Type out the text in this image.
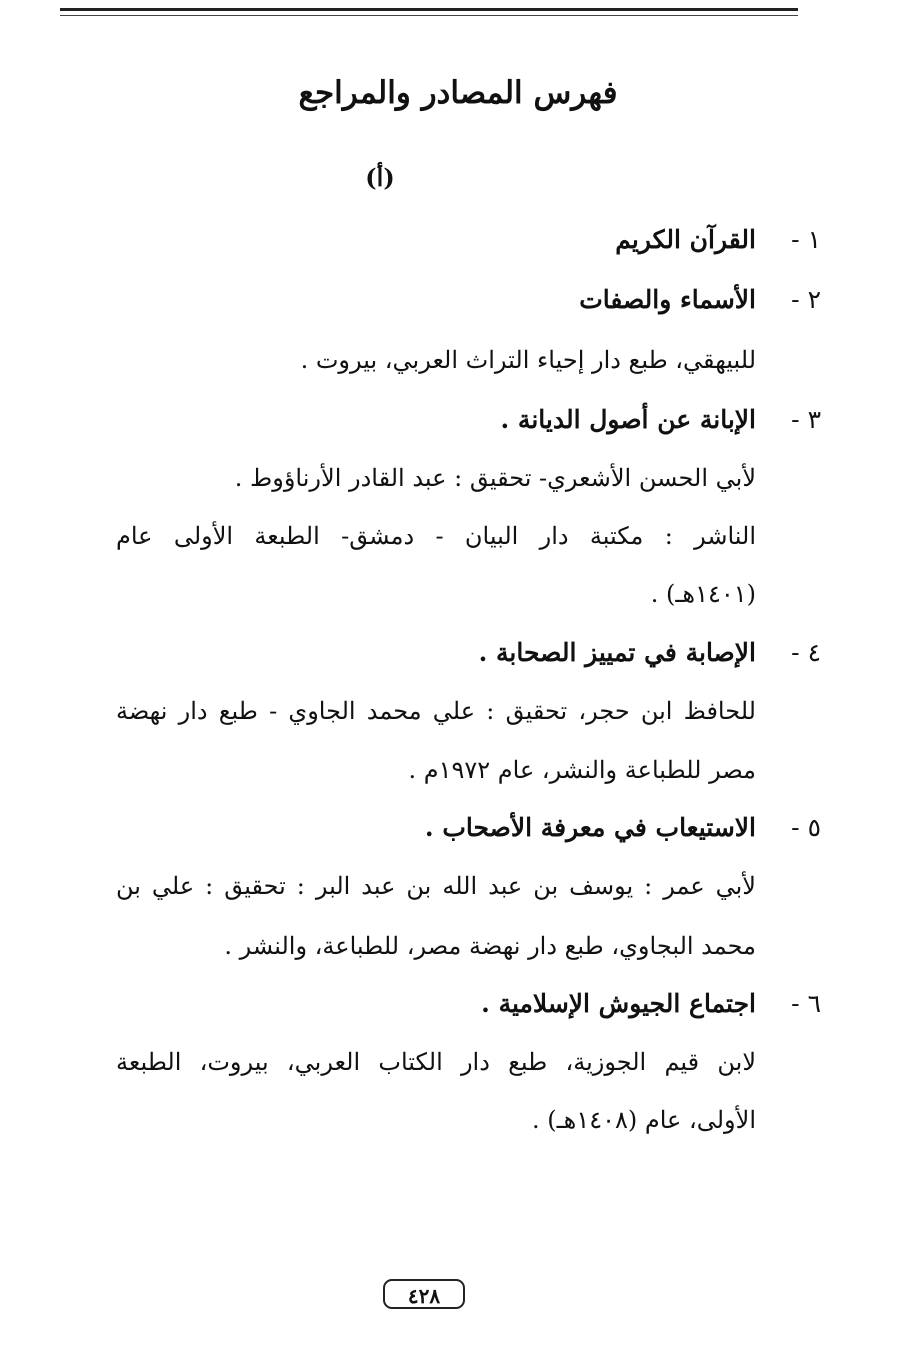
فهرس المصادر والمراجع
(أ)
١ -
القرآن الكريم
٢ -
الأسماء والصفات
للبيهقي، طبع دار إحياء التراث العربي، بيروت .
٣ -
الإبانة عن أصول الديانة .
لأبي الحسن الأشعري- تحقيق : عبد القادر الأرناؤوط .
الناشر : مكتبة دار البيان - دمشق- الطبعة الأولى عام
(١٤٠١هـ) .
٤ -
الإصابة في تمييز الصحابة .
للحافظ ابن حجر، تحقيق : علي محمد الجاوي - طبع دار نهضة
مصر للطباعة والنشر، عام ١٩٧٢م .
٥ -
الاستيعاب في معرفة الأصحاب .
لأبي عمر : يوسف بن عبد الله بن عبد البر : تحقيق : علي بن
محمد البجاوي، طبع دار نهضة مصر، للطباعة، والنشر .
٦ -
اجتماع الجيوش الإسلامية .
لابن قيم الجوزية، طبع دار الكتاب العربي، بيروت، الطبعة
الأولى، عام (١٤٠٨هـ) .
٤٢٨
